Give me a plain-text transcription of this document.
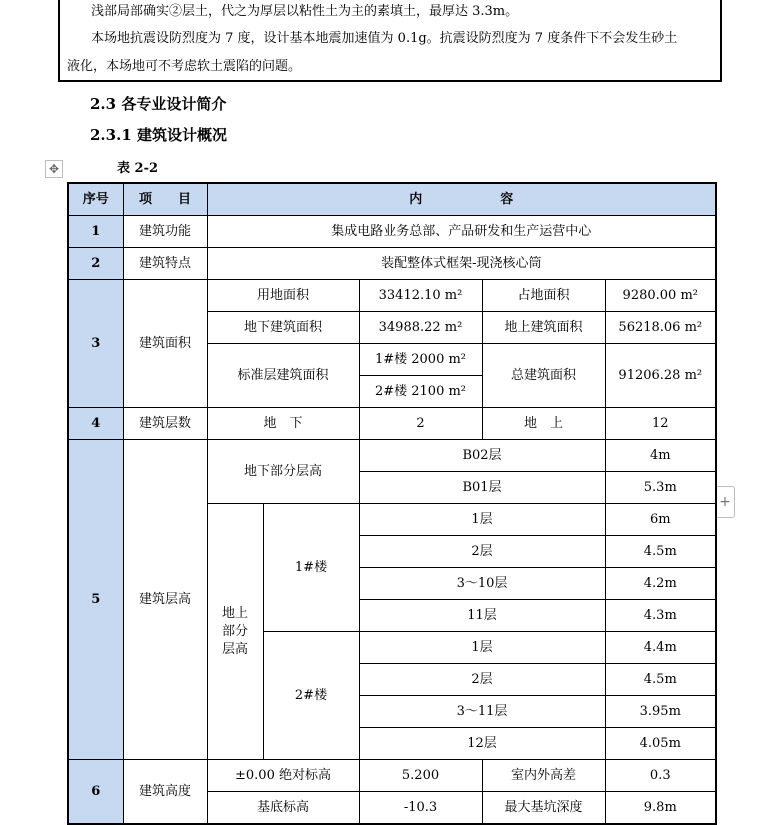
浅部局部确实②层土，代之为厚层以粘性土为主的素填土，最厚达 3.3m。
本场地抗震设防烈度为 7 度，设计基本地震加速值为 0.1g。抗震设防烈度为 7 度条件下不会发生砂土
液化，本场地可不考虑软土震陷的问题。
2.3 各专业设计简介
2.3.1 建筑设计概况
✥	表 2-2
+
序号	项　　目	内　　　　　　容				
1	建筑功能	集成电路业务总部、产品研发和生产运营中心				
2	建筑特点	装配整体式框架-现浇核心筒				
3	建筑面积	用地面积		33412.10 m²	占地面积	9280.00 m²
		地下建筑面积		34988.22 m²	地上建筑面积	56218.06 m²
		标准层建筑面积		1#楼 2000 m²	总建筑面积	91206.28 m²
				2#楼 2100 m²		
4	建筑层数	地　下		2	地　上	12
5	建筑层高	地下部分层高		B02层		4m
				B01层		5.3m

		地上
部分
层高	1#楼	1层		6m
				2层		4.5m
				3～10层		4.2m
				11层		4.3m
			2#楼	1层		4.4m
				2层		4.5m
				3～11层		3.95m
				12层		4.05m
6	建筑高度	±0.00 绝对标高		5.200	室内外高差	0.3
		基底标高		-10.3	最大基坑深度	9.8m
